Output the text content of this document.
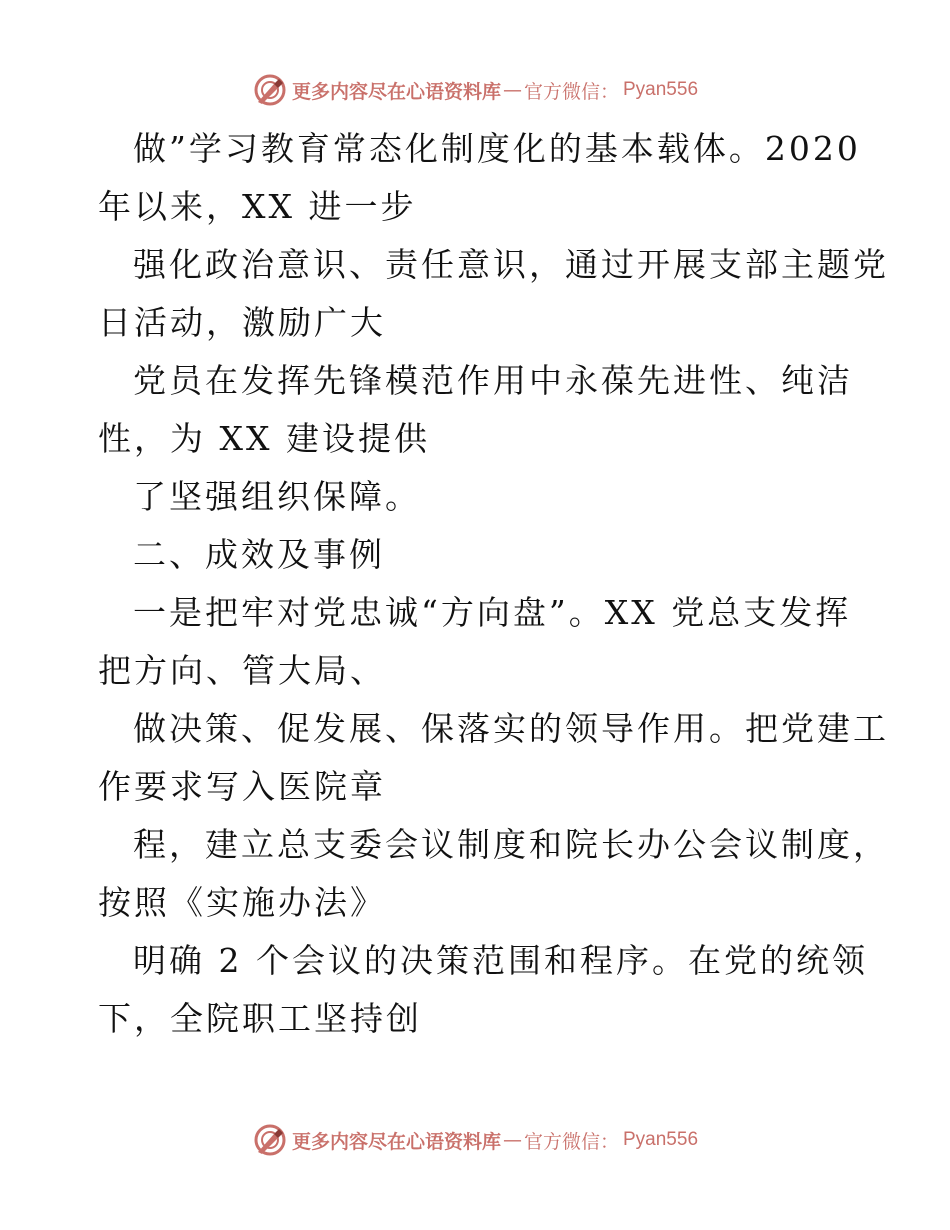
更多内容尽在心语资料库 — 官方微信： Pyan556
做”学习教育常态化制度化的基本载体。2020
年以来，XX 进一步
强化政治意识、责任意识，通过开展支部主题党
日活动，激励广大
党员在发挥先锋模范作用中永葆先进性、纯洁
性，为 XX 建设提供
了坚强组织保障。
二、成效及事例
一是把牢对党忠诚“方向盘”。XX 党总支发挥
把方向、管大局、
做决策、促发展、保落实的领导作用。把党建工
作要求写入医院章
程，建立总支委会议制度和院长办公会议制度，
按照《实施办法》
明确 2 个会议的决策范围和程序。在党的统领
下，全院职工坚持创
更多内容尽在心语资料库 — 官方微信： Pyan556
